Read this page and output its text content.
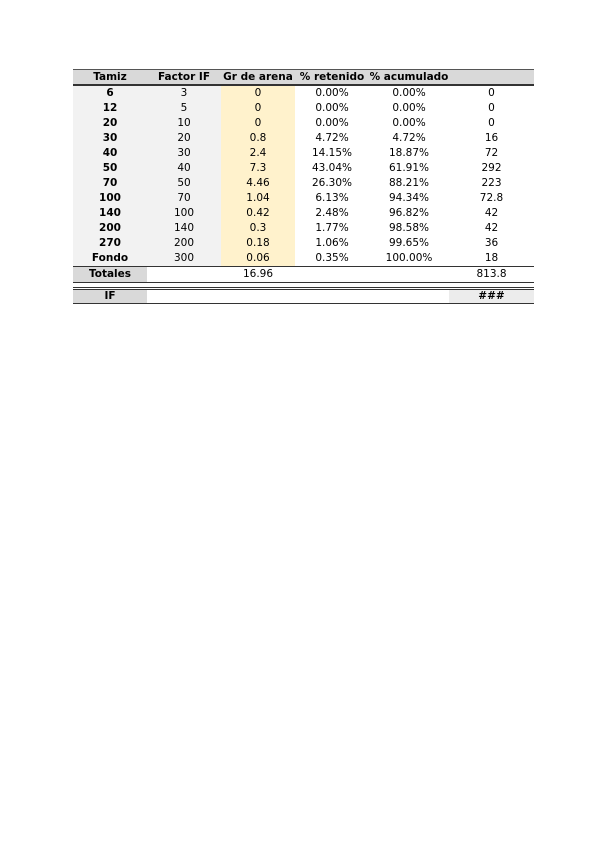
Tamiz	Factor IF	Gr de arena	% retenido	% acumulado	
6	3	0	0.00%	0.00%	0
12	5	0	0.00%	0.00%	0
20	10	0	0.00%	0.00%	0
30	20	0.8	4.72%	4.72%	16
40	30	2.4	14.15%	18.87%	72
50	40	7.3	43.04%	61.91%	292
70	50	4.46	26.30%	88.21%	223
100	70	1.04	6.13%	94.34%	72.8
140	100	0.42	2.48%	96.82%	42
200	140	0.3	1.77%	98.58%	42
270	200	0.18	1.06%	99.65%	36
Fondo	300	0.06	0.35%	100.00%	18
Totales		16.96			813.8
IF					###
